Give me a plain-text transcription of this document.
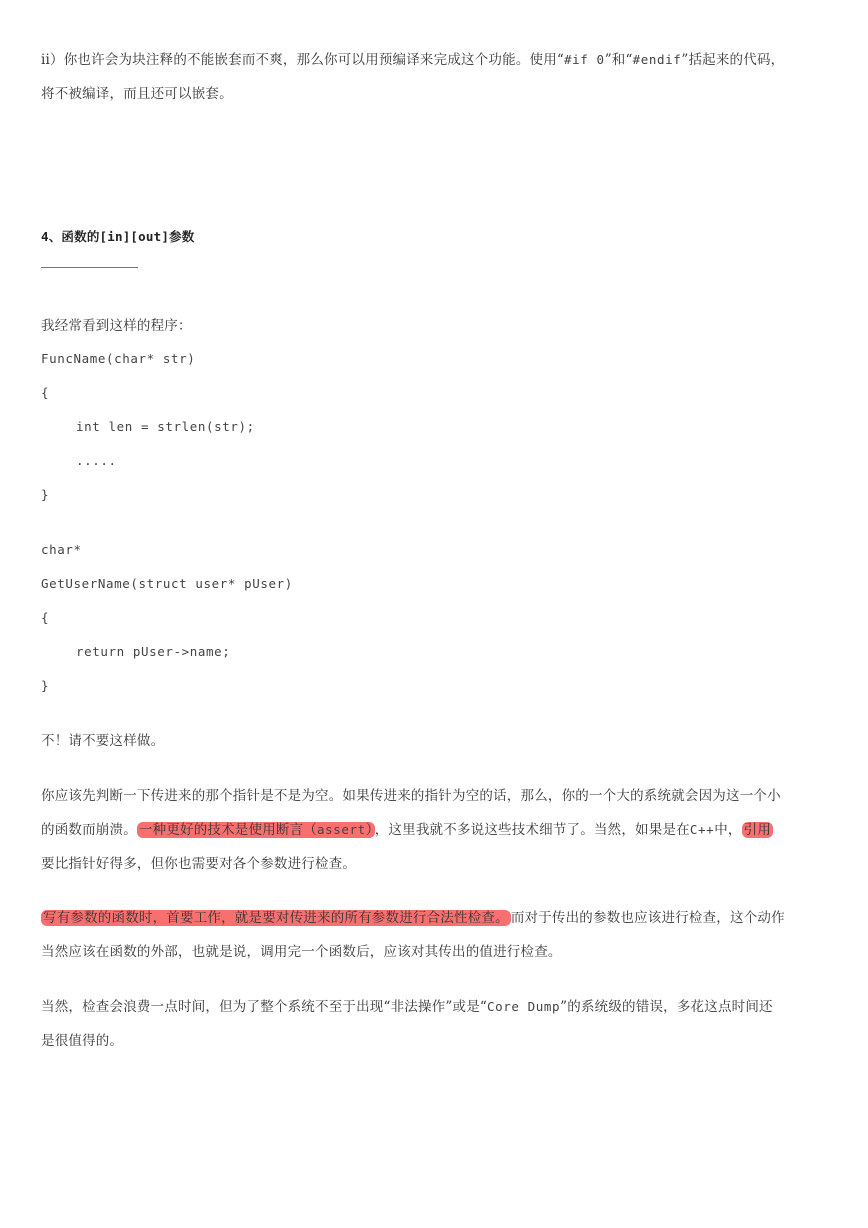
ii）你也许会为块注释的不能嵌套而不爽，那么你可以用预编译来完成这个功能。使用“#if 0”和“#endif”括起来的代码，
将不被编译，而且还可以嵌套。
4、函数的[in][out]参数
我经常看到这样的程序：
FuncName(char* str)
{
int len = strlen(str);
.....
}
char*
GetUserName(struct user* pUser)
{
return pUser->name;
}
不！请不要这样做。
你应该先判断一下传进来的那个指针是不是为空。如果传进来的指针为空的话，那么，你的一个大的系统就会因为这一个小
的函数而崩溃。 一种更好的技术是使用断言（assert） ，这里我就不多说这些技术细节了。当然，如果是在C++中， 引用
要比指针好得多，但你也需要对各个参数进行检查。
写有参数的函数时，首要工作，就是要对传进来的所有参数进行合法性检查。 而对于传出的参数也应该进行检查，这个动作
当然应该在函数的外部，也就是说，调用完一个函数后，应该对其传出的值进行检查。
当然，检查会浪费一点时间，但为了整个系统不至于出现“非法操作”或是“Core Dump”的系统级的错误，多花这点时间还
是很值得的。
